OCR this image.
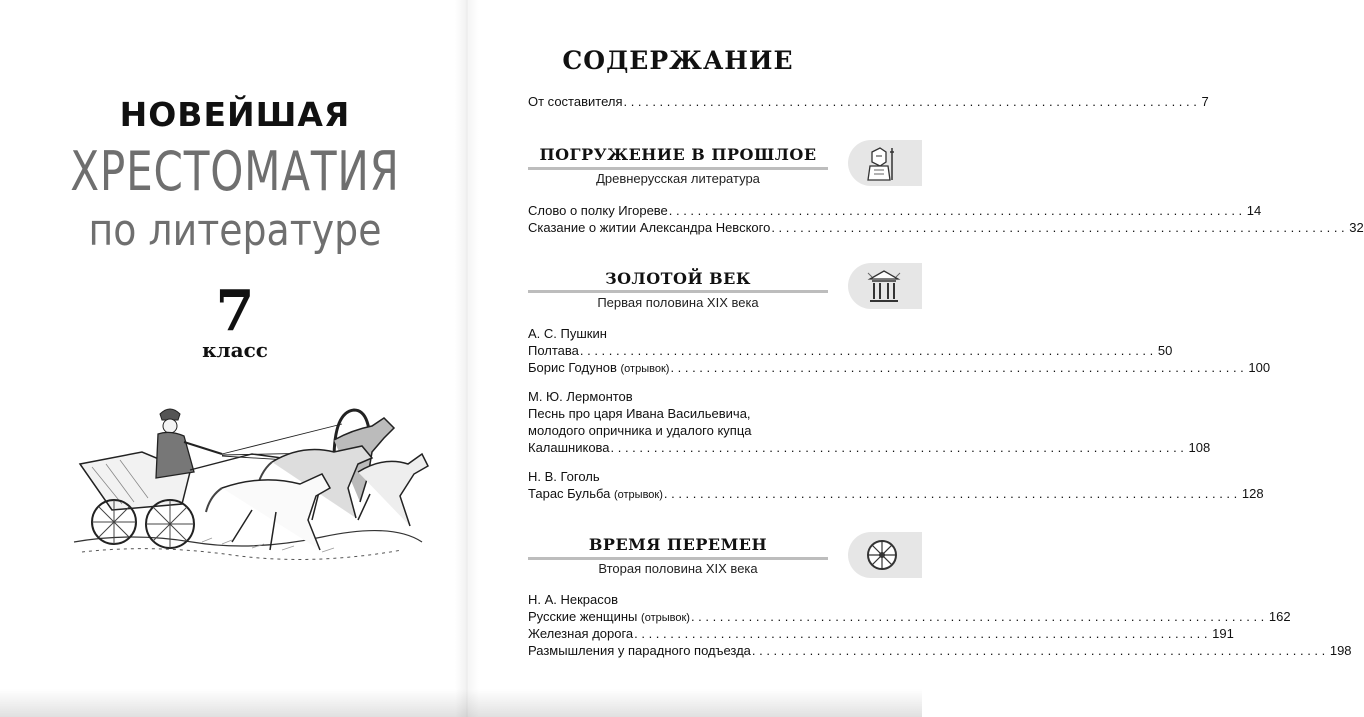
НОВЕЙШАЯ
ХРЕСТОМАТИЯ
по литературе
7
класс
СОДЕРЖАНИЕ
От составителя ................................................................................ 7
ПОГРУЖЕНИЕ В ПРОШЛОЕ
Древнерусская литература
Слово о полку Игореве ................................................................................ 14
Сказание о житии Александра Невского ................................................................................ 32
ЗОЛОТОЙ ВЕК
Первая половина XIX века
А. С. Пушкин
Полтава ................................................................................ 50
Борис Годунов (отрывок) ................................................................................ 100
М. Ю. Лермонтов
Песнь про царя Ивана Васильевича,
молодого опричника и удалого купца
Калашникова ................................................................................ 108
Н. В. Гоголь
Тарас Бульба (отрывок) ................................................................................ 128
ВРЕМЯ ПЕРЕМЕН
Вторая половина XIX века
Н. А. Некрасов
Русские женщины (отрывок) ................................................................................ 162
Железная дорога ................................................................................ 191
Размышления у парадного подъезда ................................................................................ 198
